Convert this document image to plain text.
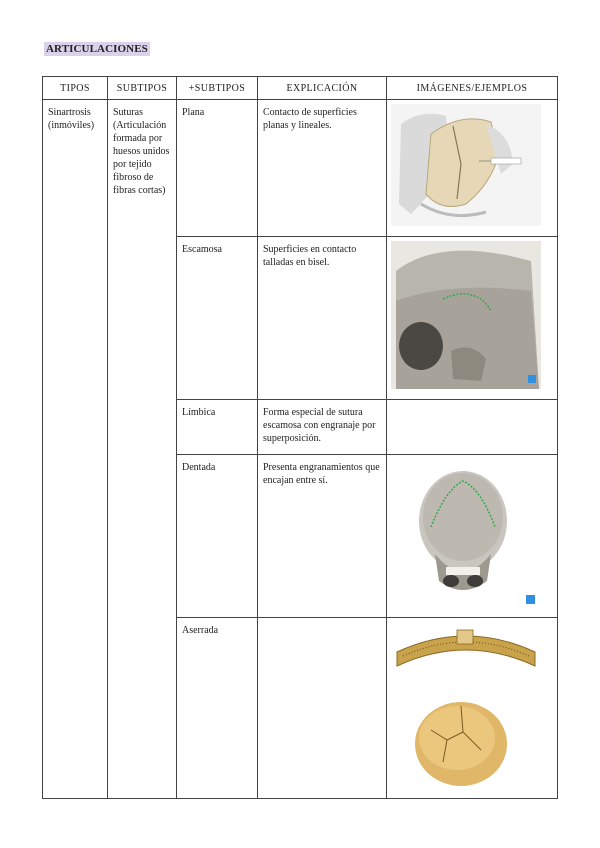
ARTICULACIONES
TIPOS	SUBTIPOS	+SUBTIPOS	EXPLICACIÓN	IMÁGENES/EJEMPLOS
Sinartrosis (inmóviles)	Suturas (Articulación formada por huesos unidos por tejido fibroso de fibras cortas)	Plana	Contacto de superficies planas y lineales.	

		Escamosa	Superficies en contacto talladas en bisel.	

		Límbica	Forma especial de sutura escamosa con engranaje por superposición.	
		Dentada	Presenta engranamientos que encajan entre sí.	

		Aserrada		
